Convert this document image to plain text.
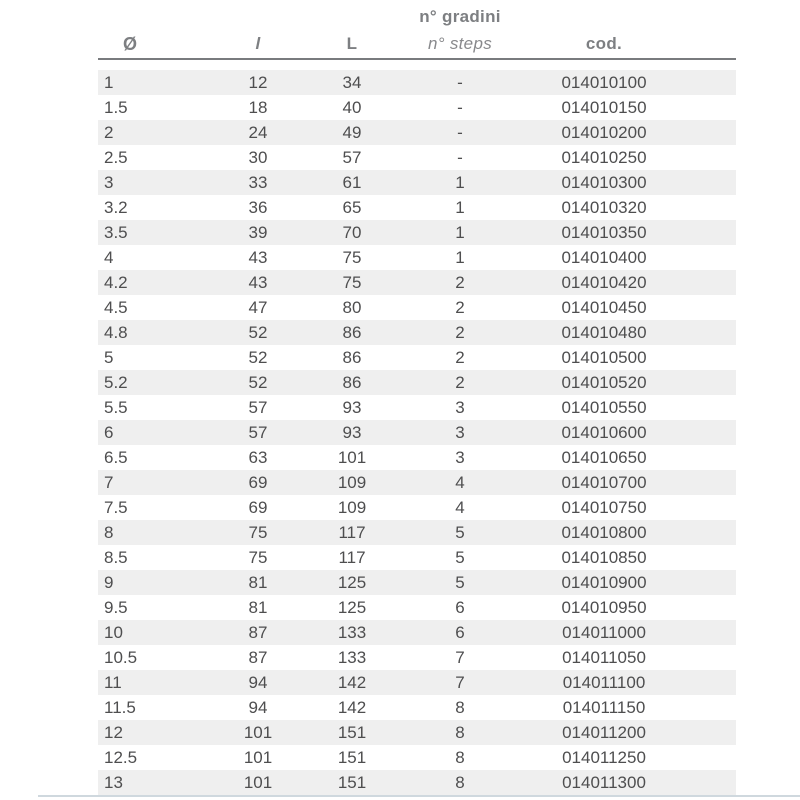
n° gradini
Ø	l	L	n° steps	cod.
1	12	34	-	014010100
1.5	18	40	-	014010150
2	24	49	-	014010200
2.5	30	57	-	014010250
3	33	61	1	014010300
3.2	36	65	1	014010320
3.5	39	70	1	014010350
4	43	75	1	014010400
4.2	43	75	2	014010420
4.5	47	80	2	014010450
4.8	52	86	2	014010480
5	52	86	2	014010500
5.2	52	86	2	014010520
5.5	57	93	3	014010550
6	57	93	3	014010600
6.5	63	101	3	014010650
7	69	109	4	014010700
7.5	69	109	4	014010750
8	75	117	5	014010800
8.5	75	117	5	014010850
9	81	125	5	014010900
9.5	81	125	6	014010950
10	87	133	6	014011000
10.5	87	133	7	014011050
11	94	142	7	014011100
11.5	94	142	8	014011150
12	101	151	8	014011200
12.5	101	151	8	014011250
13	101	151	8	014011300
